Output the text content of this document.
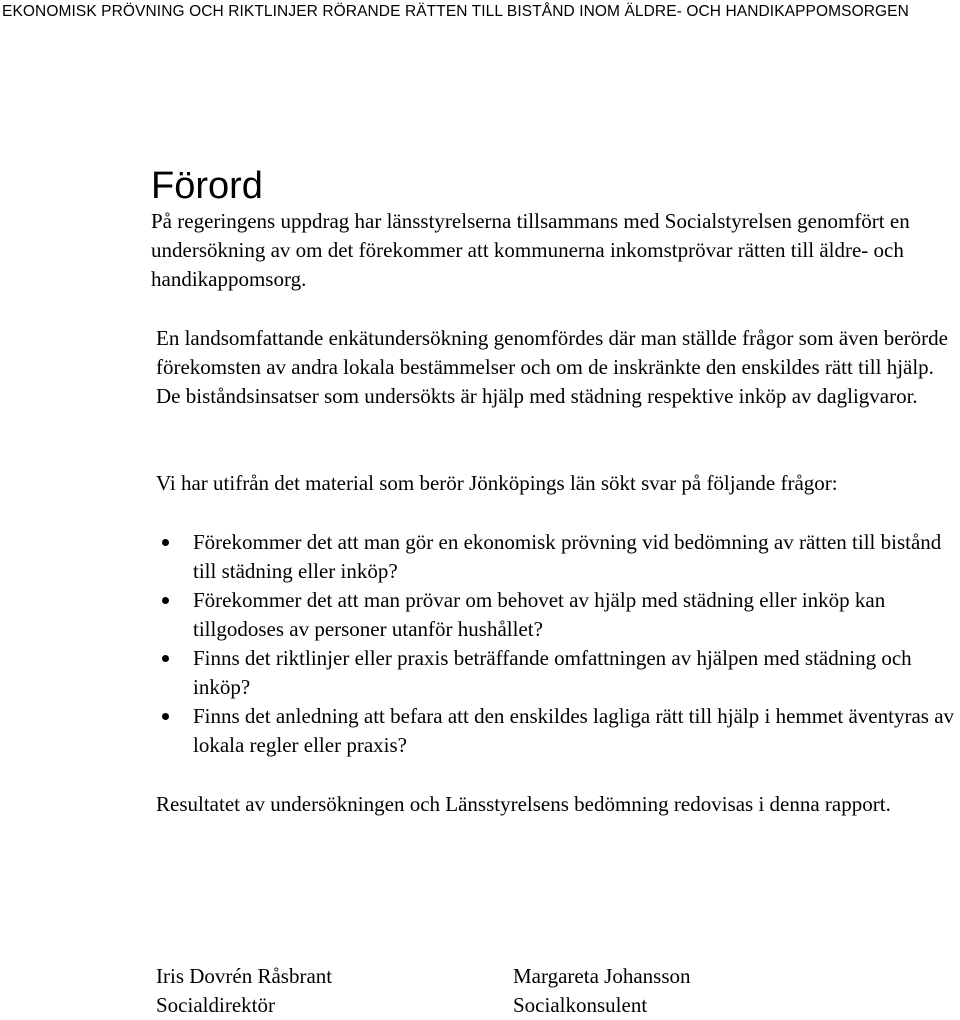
EKONOMISK PRÖVNING OCH RIKTLINJER RÖRANDE RÄTTEN TILL BISTÅND INOM ÄLDRE- OCH HANDIKAPPOMSORGEN
Förord

På regeringens uppdrag har länsstyrelserna tillsammans med Socialstyrelsen genomfört en undersökning av om det förekommer att kommunerna inkomstprövar rätten till äldre- och handikappomsorg.

En landsomfattande enkätundersökning genomfördes där man ställde frågor som även berörde förekomsten av andra lokala bestämmelser och om de inskränkte den enskildes rätt till hjälp. De biståndsinsatser som undersökts är hjälp med städning respektive inköp av dagligvaror.

Vi har utifrån det material som berör Jönköpings län sökt svar på följande frågor:

Förekommer det att man gör en ekonomisk prövning vid bedömning av rätten till bistånd till städning eller inköp?
Förekommer det att man prövar om behovet av hjälp med städning eller inköp kan tillgodoses av personer utanför hushållet?
Finns det riktlinjer eller praxis beträffande omfattningen av hjälpen med städning och inköp?
Finns det anledning att befara att den enskildes lagliga rätt till hjälp i hemmet äventyras av lokala regler eller praxis?

Resultatet av undersökningen och Länsstyrelsens bedömning redovisas i denna rapport.

Iris Dovrén Råsbrant
Socialdirektör
Margareta Johansson
Socialkonsulent
